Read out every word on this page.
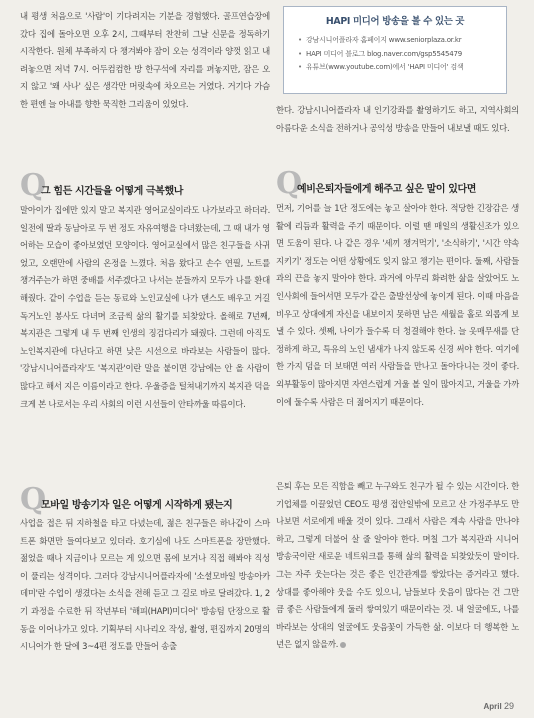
내 평생 처음으로 '사람'이 기다려지는 기분을 경험했다. 골프연습장에 갔다 집에 돌아오면 오후 2시, 그때부터 찬찬히 그날 신문을 정독하기 시작한다. 원체 부족하지 다 챙겨봐야 잠이 오는 성격이라 양껏 읽고 내려놓으면 저녁 7시. 어두컴컴한 방 한구석에 자리를 펴놓지만, 잠은 오지 않고 '왜 사나' 싶은 생각만 머릿속에 차오르는 거였다. 거기다 가슴 한 편엔 늘 아내를 향한 묵직한 그리움이 있었다.

Q
그 힘든 시간들을 어떻게 극복했나

말아이가 집에만 있지 말고 복지관 영어교실이라도 나가보라고 하더라. 일전에 딸과 동남아로 두 번 정도 자유여행을 다녀왔는데, 그 때 내가 영어하는 모습이 좋아보였던 모양이다. 영어교실에서 많은 친구들을 사귀었고, 오랜만에 사람의 온정을 느꼈다. 처음 왔다고 손수 연필, 노트를 챙겨주는가 하면 중배를 서주겠다고 나서는 분들까지 모두가 나를 환대해줬다. 같이 수업을 듣는 동료와 노인교실에 나가 댄스도 배우고 거길 독거노인 봉사도 다녀며 조금씩 삶의 활기를 되찾았다. 올해로 7년째, 복지관은 그렇게 내 두 번째 인생의 징검다리가 돼줬다. 그런데 아직도 노인복지관에 다닌다고 하면 낮은 시선으로 바라보는 사람들이 많다. '강남시니어플라자'도 '복지관'이란 말을 붙이면 강남에는 안 올 사람이 많다고 해서 지은 이름이라고 한다. 우울증을 털쳐내기까지 복지관 덕을 크게 본 나로서는 우리 사회의 이런 시선들이 안타까울 따름이다.

Q
모바일 방송기자 일은 어떻게 시작하게 됐는지

사업을 접은 뒤 지하철을 타고 다녔는데, 젊은 친구들은 하나같이 스마트폰 화면만 들여다보고 있더라. 호기심에 나도 스마트폰을 장만했다. 젊었을 때나 지금이나 모르는 게 있으면 몸에 보거나 직접 해봐야 직성이 풀리는 성격이다. 그러다 강남시니어플라자에 '소셜모바일 방송아카데미'란 수업이 생겼다는 소식을 전해 듣고 그 길로 바로 달려갔다. 1, 2기 과정을 수료한 뒤 작년부터 '해피(HAPI)미디어' 방송팀 단장으로 활동을 이어나가고 있다. 기획부터 시나리오 작성, 촬영, 편집까지 20명의 시니어가 한 달에 3~4편 정도를 만들어 송출

HAPI 미디어 방송을 볼 수 있는 곳
• 강남시니어플라자 홈페이지 www.seniorplaza.or.kr
• HAPI 미디어 블로그 blog.naver.com/gsp5545479
• 유튜브(www.youtube.com)에서 'HAPI 미디어' 검색

한다. 강남시니어플라자 내 인기강좌를 촬영하기도 하고, 지역사회의 아름다운 소식을 전하거나 공익성 방송을 만들어 내보낼 때도 있다.

Q
예비은퇴자들에게 해주고 싶은 말이 있다면

먼저, 기어를 늘 1단 정도에는 놓고 살아야 한다. 적당한 긴장감은 생활에 리듬과 활력을 주기 때문이다. 이럴 땐 매일의 생활신조가 있으면 도움이 된다. 나 같은 경우 '세끼 챙겨먹기', '소식하기', '시간 약속 지키기' 정도는 어떤 상황에도 잊지 않고 챙기는 편이다. 둘째, 사람들과의 끈을 놓지 말아야 한다. 과거에 아무리 화려한 삶을 살았어도 노인사회에 들어서면 모두가 같은 출발선상에 놓이게 된다. 이때 마음을 비우고 상대에게 자신을 내보이지 못하면 남은 세월을 홀로 외롭게 보낼 수 있다. 셋째, 나이가 들수록 더 청결해야 한다. 늘 옷매무새를 단정하게 하고, 특유의 노인 냄새가 나지 않도록 신경 써야 한다. 여기에 한 가지 덤을 더 보태면 여러 사람들을 만나고 돌아다니는 것이 좋다. 외부활동이 많아지면 자연스럽게 거울 볼 일이 많아지고, 거울을 가까이에 둘수록 사람은 더 젊어지기 때문이다.

은퇴 후는 모든 직함을 빼고 누구와도 친구가 될 수 있는 시간이다. 한 기업체를 이끌었던 CEO도 평생 접안일밖에 모르고 산 가정주부도 만나보면 서로에게 배울 것이 있다. 그래서 사람은 계속 사람을 만나야 하고, 그렇게 더불어 살 줄 알아야 한다. 며칠 그가 복지관과 시니어 방송국이란 새로운 네트워크를 통해 삶의 활력을 되찾았듯이 말이다. 그는 자주 웃는다는 것은 좋은 인간관계를 쌓았다는 증거라고 했다. 상대를 좋아해야 웃을 수도 있으니, 남들보다 웃음이 많다는 건 그만큼 좋은 사람들에게 둘러 쌓여있기 때문이라는 것. 내 얼굴에도, 나를 바라보는 상대의 얼굴에도 웃음꽃이 가득한 삶. 이보다 더 행복한 노년은 없지 않을까.

April 29
